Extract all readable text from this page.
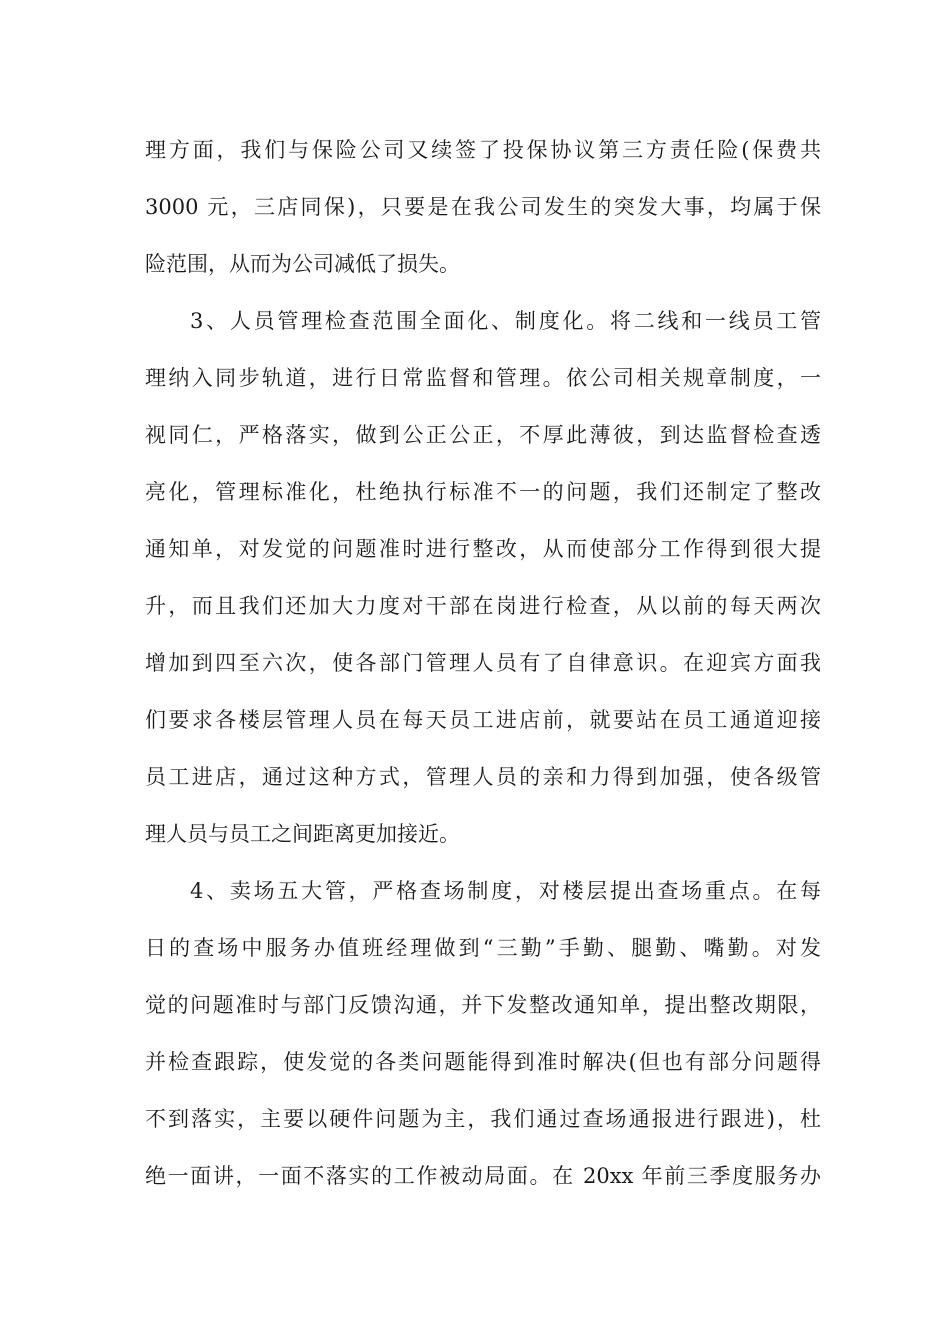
理方面，我们与保险公司又续签了投保协议第三方责任险(保费共
3000 元，三店同保)，只要是在我公司发生的突发大事，均属于保
险范围，从而为公司减低了损失。
3、人员管理检查范围全面化、制度化。将二线和一线员工管
理纳入同步轨道，进行日常监督和管理。依公司相关规章制度，一
视同仁，严格落实，做到公正公正，不厚此薄彼，到达监督检查透
亮化，管理标准化，杜绝执行标准不一的问题，我们还制定了整改
通知单，对发觉的问题准时进行整改，从而使部分工作得到很大提
升，而且我们还加大力度对干部在岗进行检查，从以前的每天两次
增加到四至六次，使各部门管理人员有了自律意识。在迎宾方面我
们要求各楼层管理人员在每天员工进店前，就要站在员工通道迎接
员工进店，通过这种方式，管理人员的亲和力得到加强，使各级管
理人员与员工之间距离更加接近。
4、卖场五大管，严格查场制度，对楼层提出查场重点。在每
日的查场中服务办值班经理做到“三勤”手勤、腿勤、嘴勤。对发
觉的问题准时与部门反馈沟通，并下发整改通知单，提出整改期限，
并检查跟踪，使发觉的各类问题能得到准时解决(但也有部分问题得
不到落实，主要以硬件问题为主，我们通过查场通报进行跟进)，杜
绝一面讲，一面不落实的工作被动局面。在 20xx 年前三季度服务办
